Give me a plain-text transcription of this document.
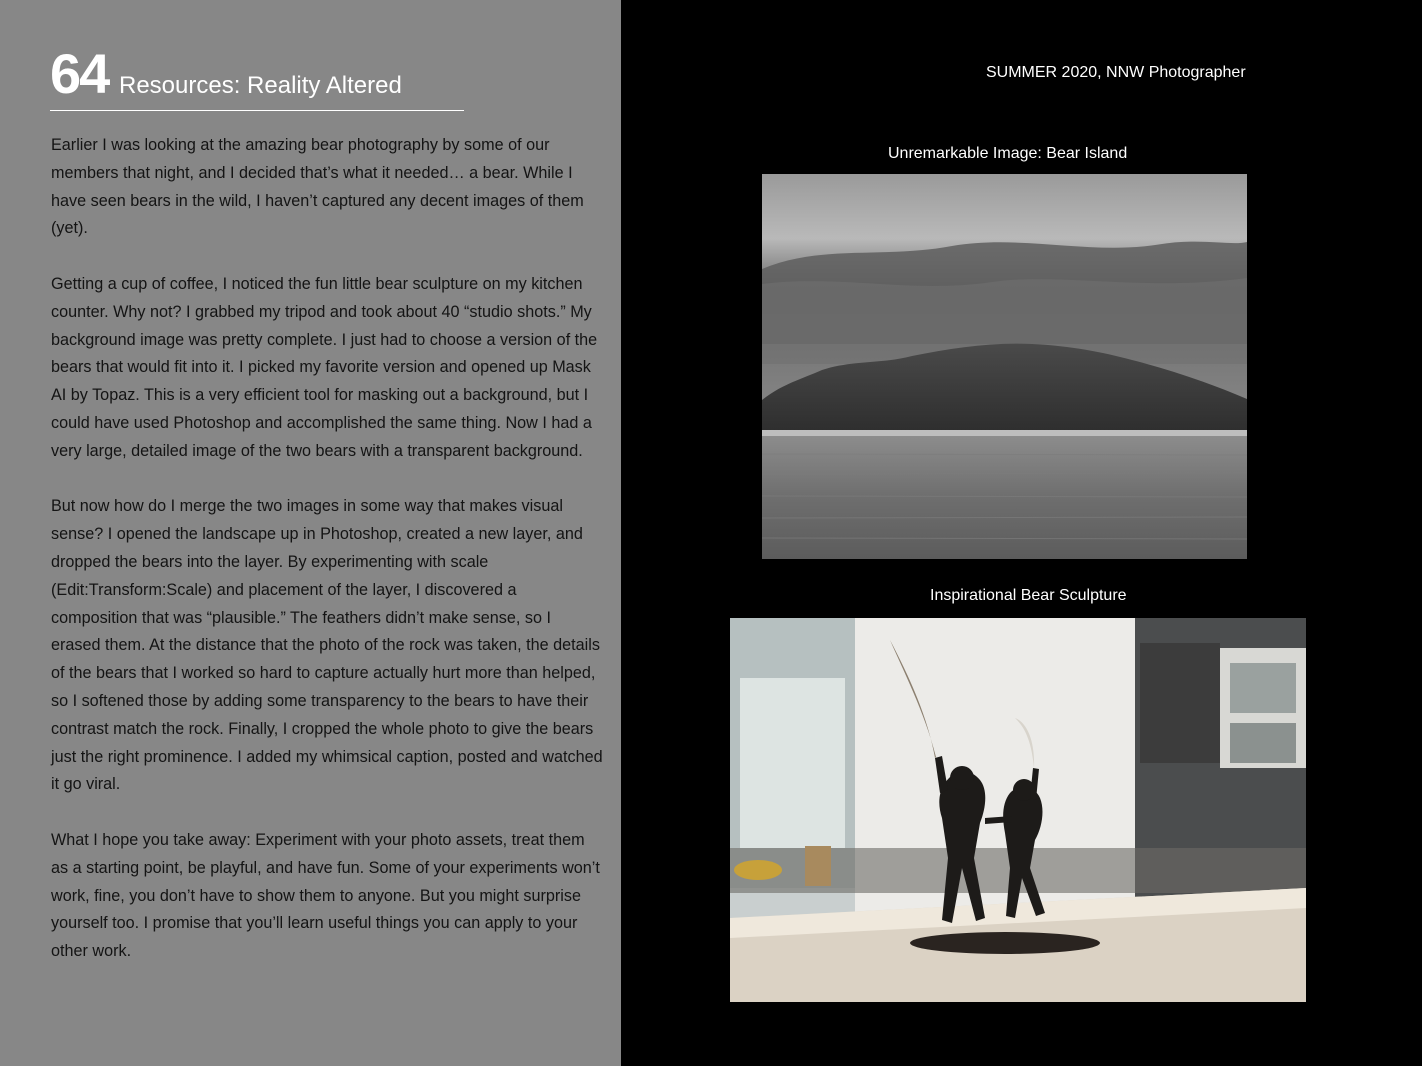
64 Resources: Reality Altered

Earlier I was looking at the amazing bear photography by some of our members that night, and I decided that’s what it needed… a bear. While I have seen bears in the wild, I haven’t captured any decent images of them (yet).

Getting a cup of coffee, I noticed the fun little bear sculpture on my kitchen counter. Why not? I grabbed my tripod and took about 40 “studio shots.” My background image was pretty complete. I just had to choose a version of the bears that would fit into it. I picked my favorite version and opened up Mask AI by Topaz. This is a very efficient tool for masking out a background, but I could have used Photoshop and accomplished the same thing. Now I had a very large, detailed image of the two bears with a transparent background.

But now how do I merge the two images in some way that makes visual sense? I opened the landscape up in Photoshop, created a new layer, and dropped the bears into the layer. By experimenting with scale (Edit:Transform:Scale) and placement of the layer, I discovered a composition that was “plausible.” The feathers didn’t make sense, so I erased them. At the distance that the photo of the rock was taken, the details of the bears that I worked so hard to capture actually hurt more than helped, so I softened those by adding some transparency to the bears to have their contrast match the rock. Finally, I cropped the whole photo to give the bears just the right prominence. I added my whimsical caption, posted and watched it go viral.

What I hope you take away: Experiment with your photo assets, treat them as a starting point, be playful, and have fun. Some of your experiments won’t work, fine, you don’t have to show them to anyone. But you might surprise yourself too. I promise that you’ll learn useful things you can apply to your other work.

SUMMER 2020, NNW Photographer
Unremarkable Image: Bear Island
Inspirational Bear Sculpture
